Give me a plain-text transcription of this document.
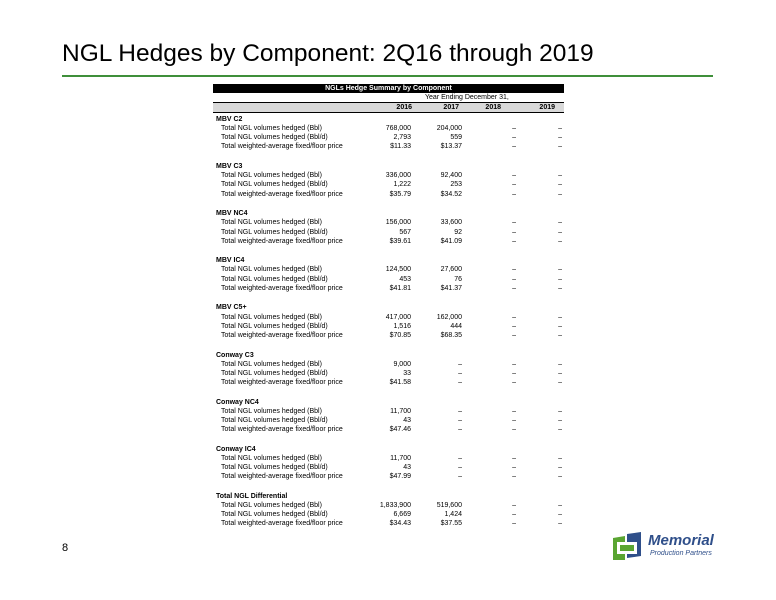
NGL Hedges by Component: 2Q16 through 2019
NGLs Hedge Summary by Component
Year Ending December 31,
2016	2017	2018	2019
MBV C2
Total NGL volumes hedged (Bbl)	768,000	204,000	–	–
Total NGL volumes hedged (Bbl/d)	2,793	559	–	–
Total weighted-average fixed/floor price	$11.33	$13.37	–	–
MBV C3
Total NGL volumes hedged (Bbl)	336,000	92,400	–	–
Total NGL volumes hedged (Bbl/d)	1,222	253	–	–
Total weighted-average fixed/floor price	$35.79	$34.52	–	–
MBV NC4
Total NGL volumes hedged (Bbl)	156,000	33,600	–	–
Total NGL volumes hedged (Bbl/d)	567	92	–	–
Total weighted-average fixed/floor price	$39.61	$41.09	–	–
MBV IC4
Total NGL volumes hedged (Bbl)	124,500	27,600	–	–
Total NGL volumes hedged (Bbl/d)	453	76	–	–
Total weighted-average fixed/floor price	$41.81	$41.37	–	–
MBV C5+
Total NGL volumes hedged (Bbl)	417,000	162,000	–	–
Total NGL volumes hedged (Bbl/d)	1,516	444	–	–
Total weighted-average fixed/floor price	$70.85	$68.35	–	–
Conway C3
Total NGL volumes hedged (Bbl)	9,000	–	–	–
Total NGL volumes hedged (Bbl/d)	33	–	–	–
Total weighted-average fixed/floor price	$41.58	–	–	–
Conway NC4
Total NGL volumes hedged (Bbl)	11,700	–	–	–
Total NGL volumes hedged (Bbl/d)	43	–	–	–
Total weighted-average fixed/floor price	$47.46	–	–	–
Conway IC4
Total NGL volumes hedged (Bbl)	11,700	–	–	–
Total NGL volumes hedged (Bbl/d)	43	–	–	–
Total weighted-average fixed/floor price	$47.99	–	–	–
Total NGL Differential
Total NGL volumes hedged (Bbl)	1,833,900	519,600	–	–
Total NGL volumes hedged (Bbl/d)	6,669	1,424	–	–
Total weighted-average fixed/floor price	$34.43	$37.55	–	–
8	Memorial
Production Partners
